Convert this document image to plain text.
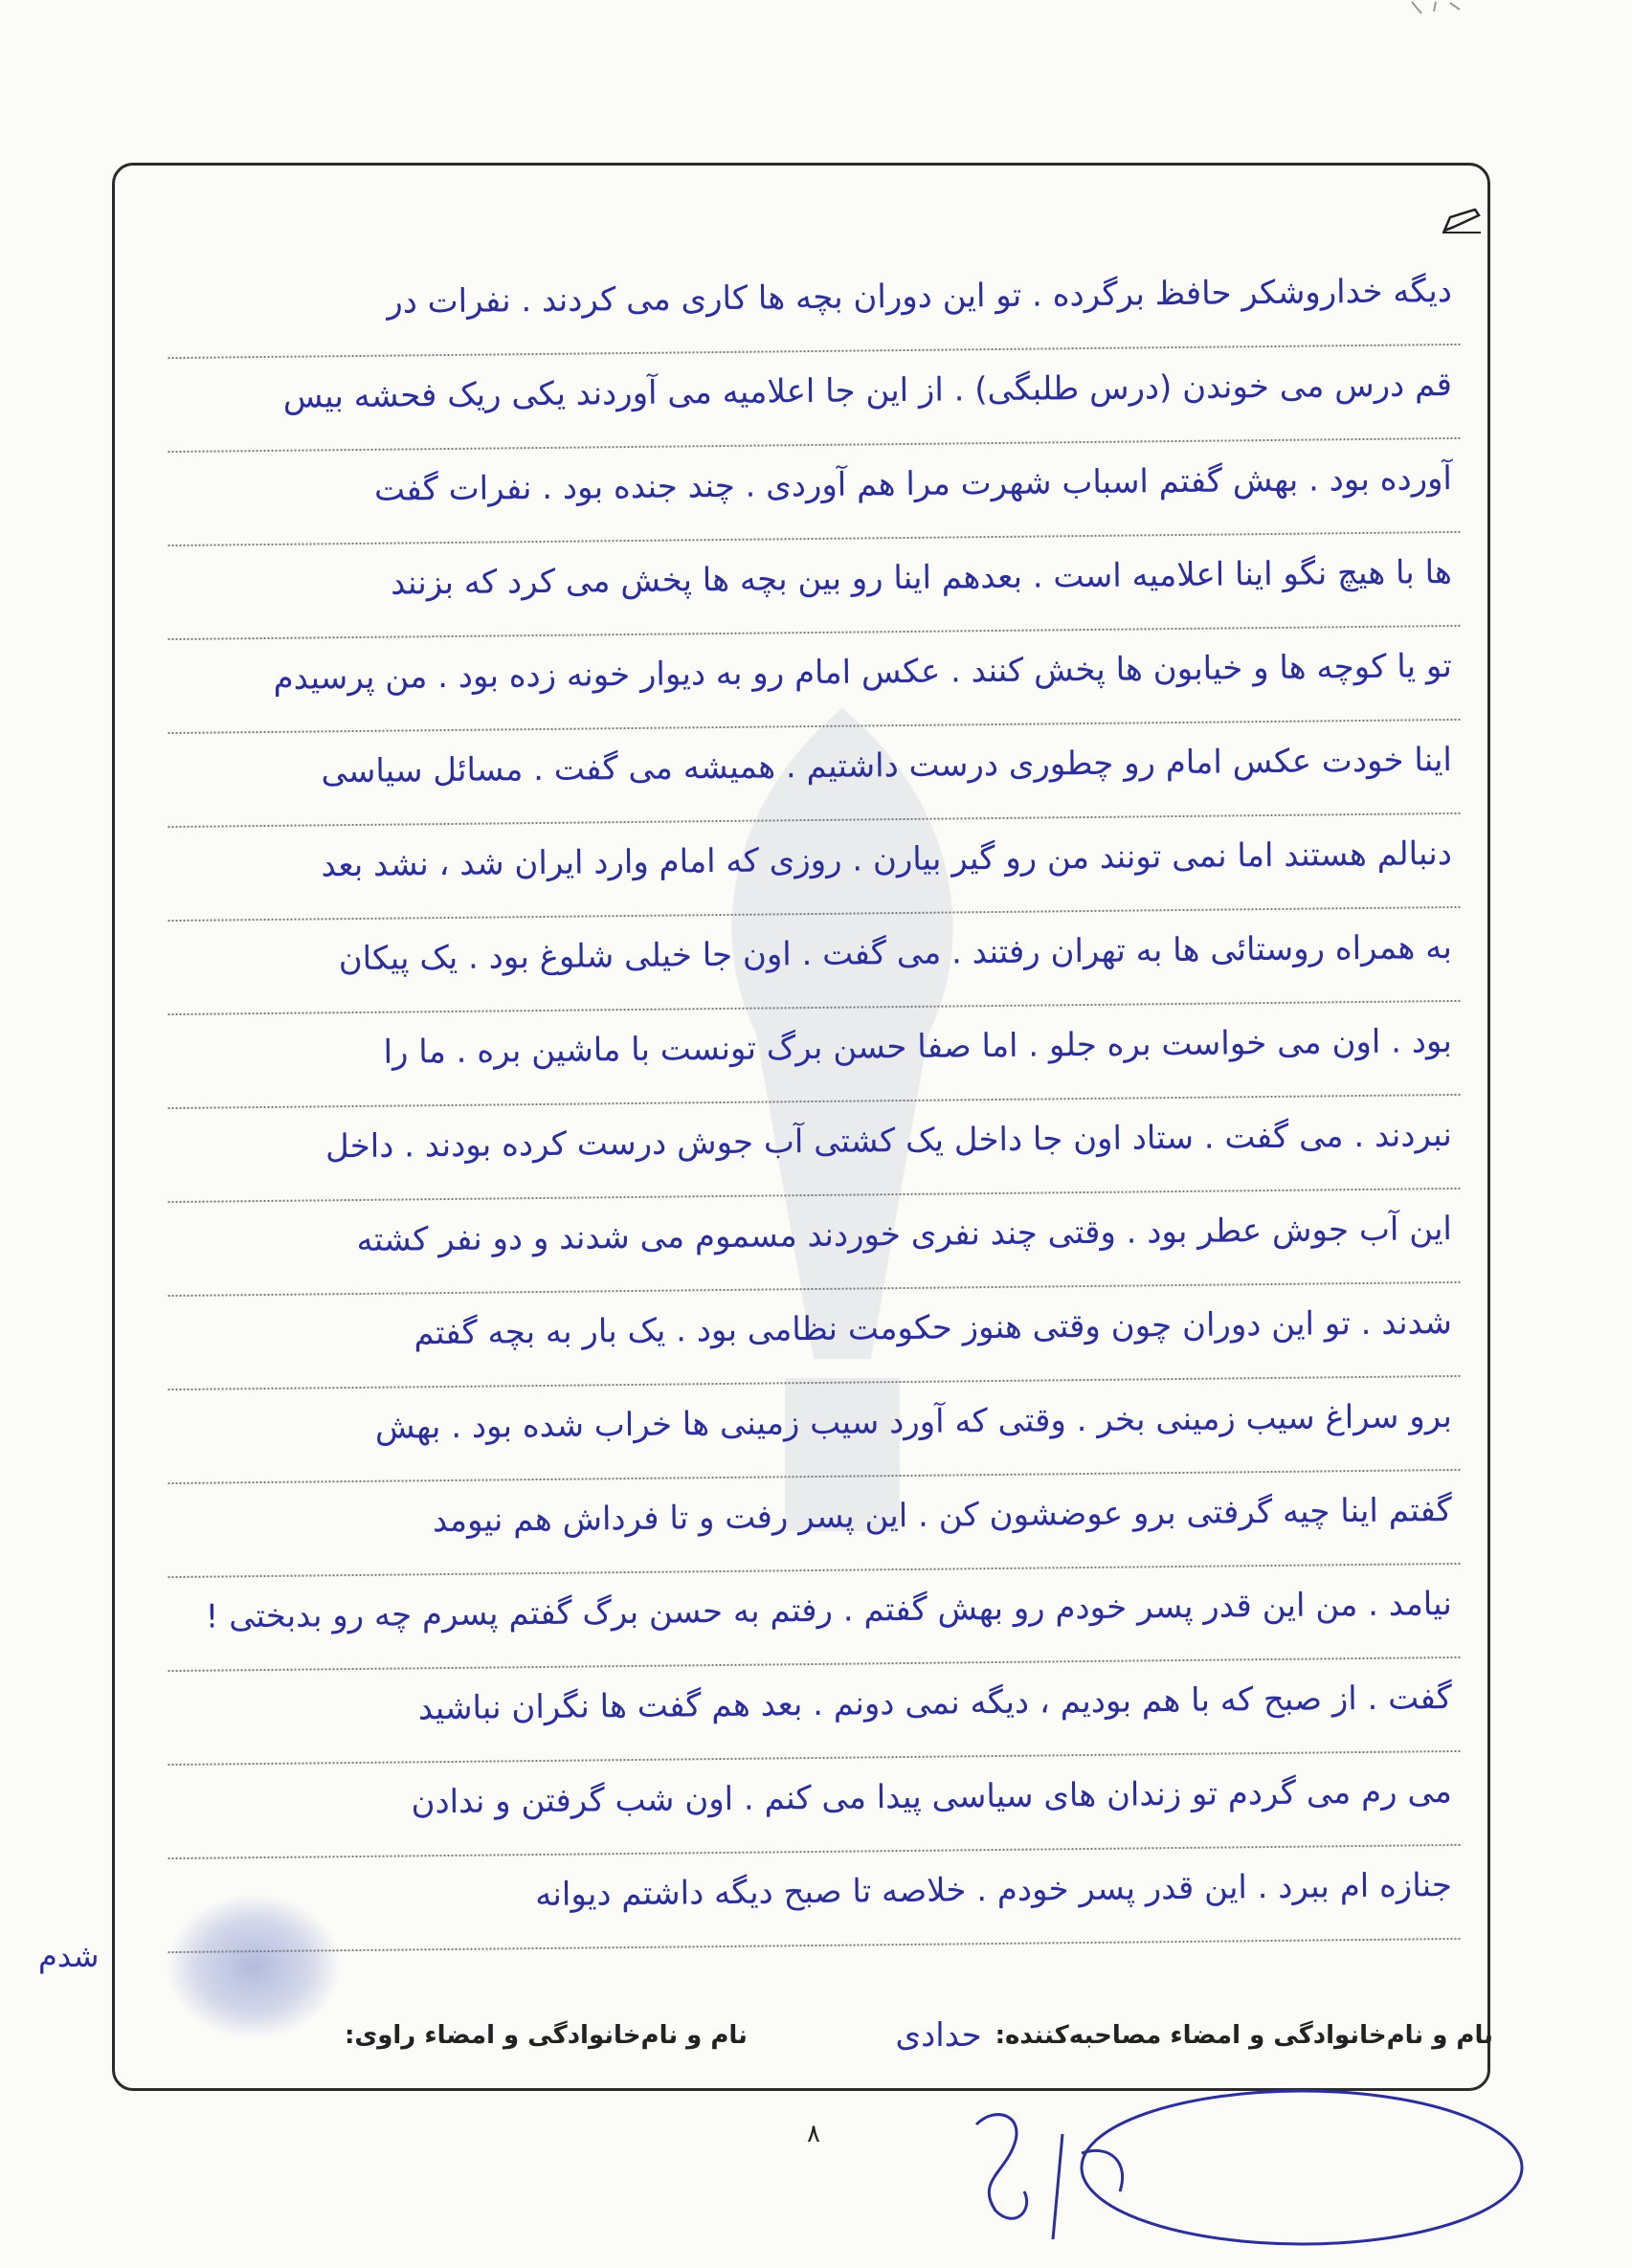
دیگه خداروشکر حافظ برگرده . تو این دوران بچه ها کاری می کردند . نفرات در
قم درس می خوندن (درس طلبگی) . از این جا اعلامیه می آوردند یکی ریک فحشه بیس
آورده بود . بهش گفتم اسباب شهرت مرا هم آوردی . چند جنده بود . نفرات گفت
ها با هیچ نگو اینا اعلامیه است . بعدهم اینا رو بین بچه ها پخش می کرد که بزنند
تو یا کوچه ها و خیابون ها پخش کنند . عکس امام رو به دیوار خونه زده بود . من پرسیدم
اینا خودت عکس امام رو چطوری درست داشتیم . همیشه می گفت . مسائل سیاسی
دنبالم هستند اما نمی تونند من رو گیر بیارن . روزی که امام وارد ایران شد ، نشد بعد
به همراه روستائی ها به تهران رفتند . می گفت . اون جا خیلی شلوغ بود . یک پیکان
بود . اون می خواست بره جلو . اما صفا حسن برگ تونست با ماشین بره . ما را
نبردند . می گفت . ستاد اون جا داخل یک کشتی آب جوش درست کرده بودند . داخل
این آب جوش عطر بود . وقتی چند نفری خوردند مسموم می شدند و دو نفر کشته
شدند . تو این دوران چون وقتی هنوز حکومت نظامی بود . یک بار به بچه گفتم
برو سراغ سیب زمینی بخر . وقتی که آورد سیب زمینی ها خراب شده بود . بهش
گفتم اینا چیه گرفتی برو عوضشون کن . این پسر رفت و تا فرداش هم نیومد
نیامد . من این قدر پسر خودم رو بهش گفتم . رفتم به حسن برگ گفتم پسرم چه رو بدبختی !
گفت . از صبح که با هم بودیم ، دیگه نمی دونم . بعد هم گفت ها نگران نباشید
می رم می گردم تو زندان های سیاسی پیدا می کنم . اون شب گرفتن و ندادن
جنازه ام ببرد . این قدر پسر خودم . خلاصه تا صبح دیگه داشتم دیوانه
شدم
نام و نام‌خانوادگی و امضاء مصاحبه‌کننده:
حدادی
نام و نام‌خانوادگی و امضاء راوی:
۸
